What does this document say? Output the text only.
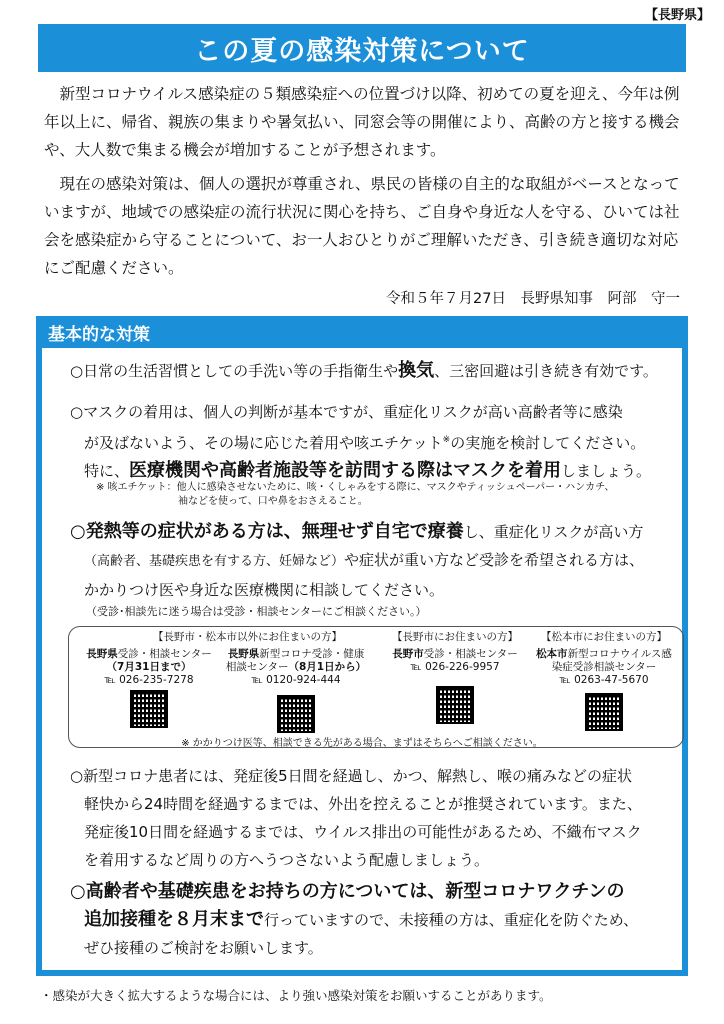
【長野県】
この夏の感染対策について

新型コロナウイルス感染症の５類感染症への位置づけ以降、初めての夏を迎え、今年は例年以上に、帰省、親族の集まりや暑気払い、同窓会等の開催により、高齢の方と接する機会や、大人数で集まる機会が増加することが予想されます。

現在の感染対策は、個人の選択が尊重され、県民の皆様の自主的な取組がベースとなっていますが、地域での感染症の流行状況に関心を持ち、ご自身や身近な人を守る、ひいては社会を感染症から守ることについて、お一人おひとりがご理解いただき、引き続き適切な対応にご配慮ください。

令和５年７月27日　長野県知事　阿部　守一
基本的な対策
○日常の生活習慣としての手洗い等の手指衛生や換気、三密回避は引き続き有効です。
○マスクの着用は、個人の判断が基本ですが、重症化リスクが高い高齢者等に感染
が及ばないよう、その場に応じた着用や咳エチケット※の実施を検討してください。
特に、医療機関や高齢者施設等を訪問する際はマスクを着用しましょう。
※ 咳エチケット：他人に感染させないために、咳・くしゃみをする際に、マスクやティッシュペーパー・ハンカチ、
袖などを使って、口や鼻をおさえること。
○発熱等の症状がある方は、無理せず自宅で療養し、重症化リスクが高い方
（高齢者、基礎疾患を有する方、妊婦など）や症状が重い方など受診を希望される方は、
かかりつけ医や身近な医療機関に相談してください。
（受診･相談先に迷う場合は受診・相談センターにご相談ください。）
【長野市・松本市以外にお住まいの方】
長野県受診・相談センター
（7月31日まで）
℡ 026-235-7278
長野県新型コロナ受診・健康相談センター（8月1日から）
℡ 0120-924-444
【長野市にお住まいの方】
長野市受診・相談センター
℡ 026-226-9957
【松本市にお住まいの方】
松本市新型コロナウイルス感染症受診相談センター
℡ 0263-47-5670
※ かかりつけ医等、相談できる先がある場合、まずはそちらへご相談ください。
○新型コロナ患者には、発症後5日間を経過し、かつ、解熱し、喉の痛みなどの症状
軽快から24時間を経過するまでは、外出を控えることが推奨されています。また、
発症後10日間を経過するまでは、ウイルス排出の可能性があるため、不織布マスク
を着用するなど周りの方へうつさないよう配慮しましょう。
○高齢者や基礎疾患をお持ちの方については、新型コロナワクチンの
追加接種を８月末まで行っていますので、未接種の方は、重症化を防ぐため、
ぜひ接種のご検討をお願いします。
・感染が大きく拡大するような場合には、より強い感染対策をお願いすることがあります。
